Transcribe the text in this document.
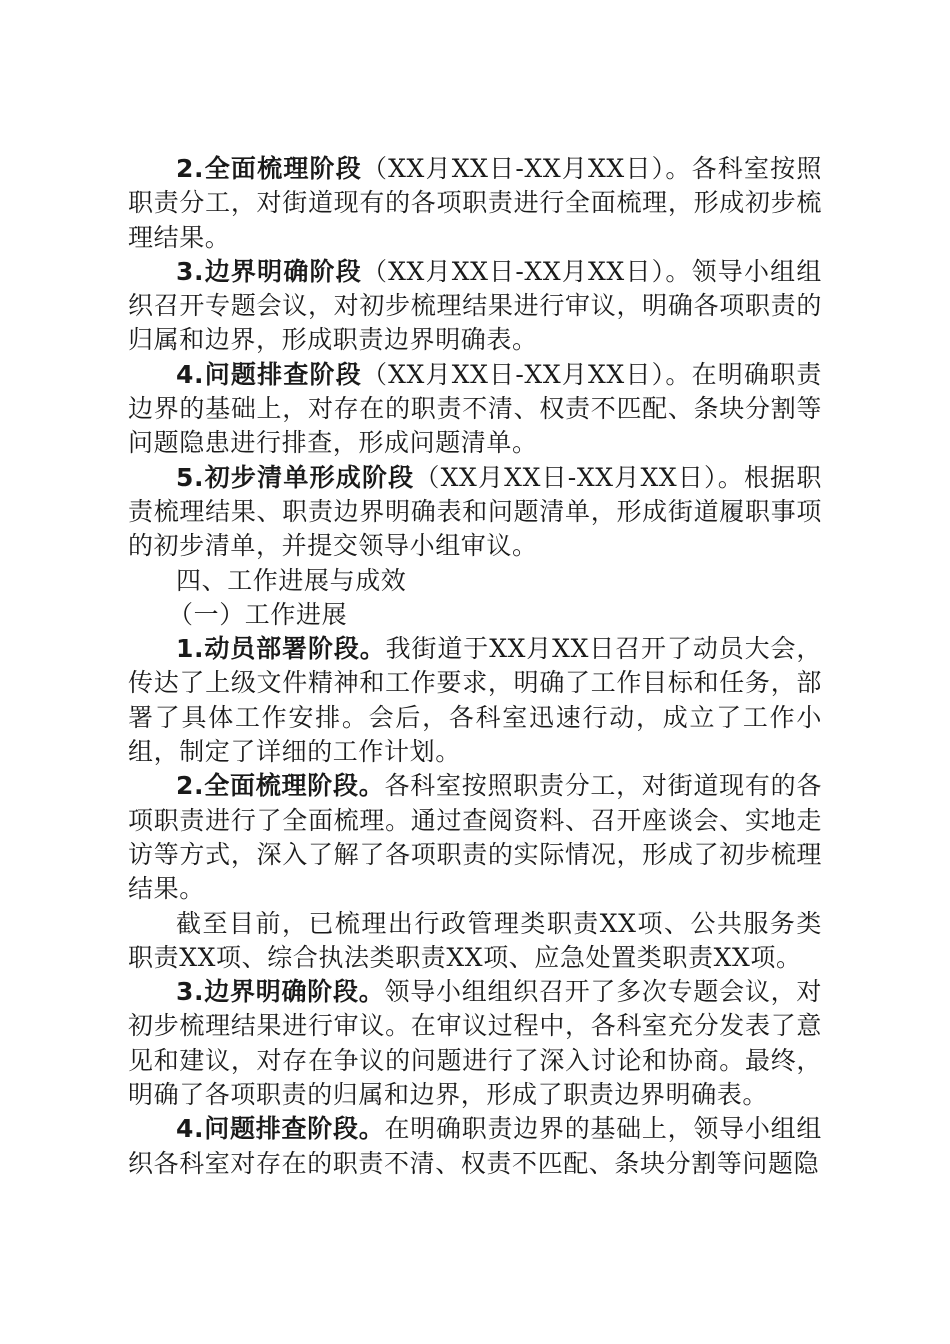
2.全面梳理阶段（XX月XX日-XX月XX日）。各科室按照职责分工，对街道现有的各项职责进行全面梳理，形成初步梳理结果。

3.边界明确阶段（XX月XX日-XX月XX日）。领导小组组织召开专题会议，对初步梳理结果进行审议，明确各项职责的归属和边界，形成职责边界明确表。

4.问题排查阶段（XX月XX日-XX月XX日）。在明确职责边界的基础上，对存在的职责不清、权责不匹配、条块分割等问题隐患进行排查，形成问题清单。

5.初步清单形成阶段（XX月XX日-XX月XX日）。根据职责梳理结果、职责边界明确表和问题清单，形成街道履职事项的初步清单，并提交领导小组审议。

四、工作进展与成效

（一）工作进展

1.动员部署阶段。我街道于XX月XX日召开了动员大会，传达了上级文件精神和工作要求，明确了工作目标和任务，部署了具体工作安排。会后，各科室迅速行动，成立了工作小组，制定了详细的工作计划。

2.全面梳理阶段。各科室按照职责分工，对街道现有的各项职责进行了全面梳理。通过查阅资料、召开座谈会、实地走访等方式，深入了解了各项职责的实际情况，形成了初步梳理结果。

截至目前，已梳理出行政管理类职责XX项、公共服务类职责XX项、综合执法类职责XX项、应急处置类职责XX项。

3.边界明确阶段。领导小组组织召开了多次专题会议，对初步梳理结果进行审议。在审议过程中，各科室充分发表了意见和建议，对存在争议的问题进行了深入讨论和协商。最终，明确了各项职责的归属和边界，形成了职责边界明确表。

4.问题排查阶段。在明确职责边界的基础上，领导小组组织各科室对存在的职责不清、权责不匹配、条块分割等问题隐
